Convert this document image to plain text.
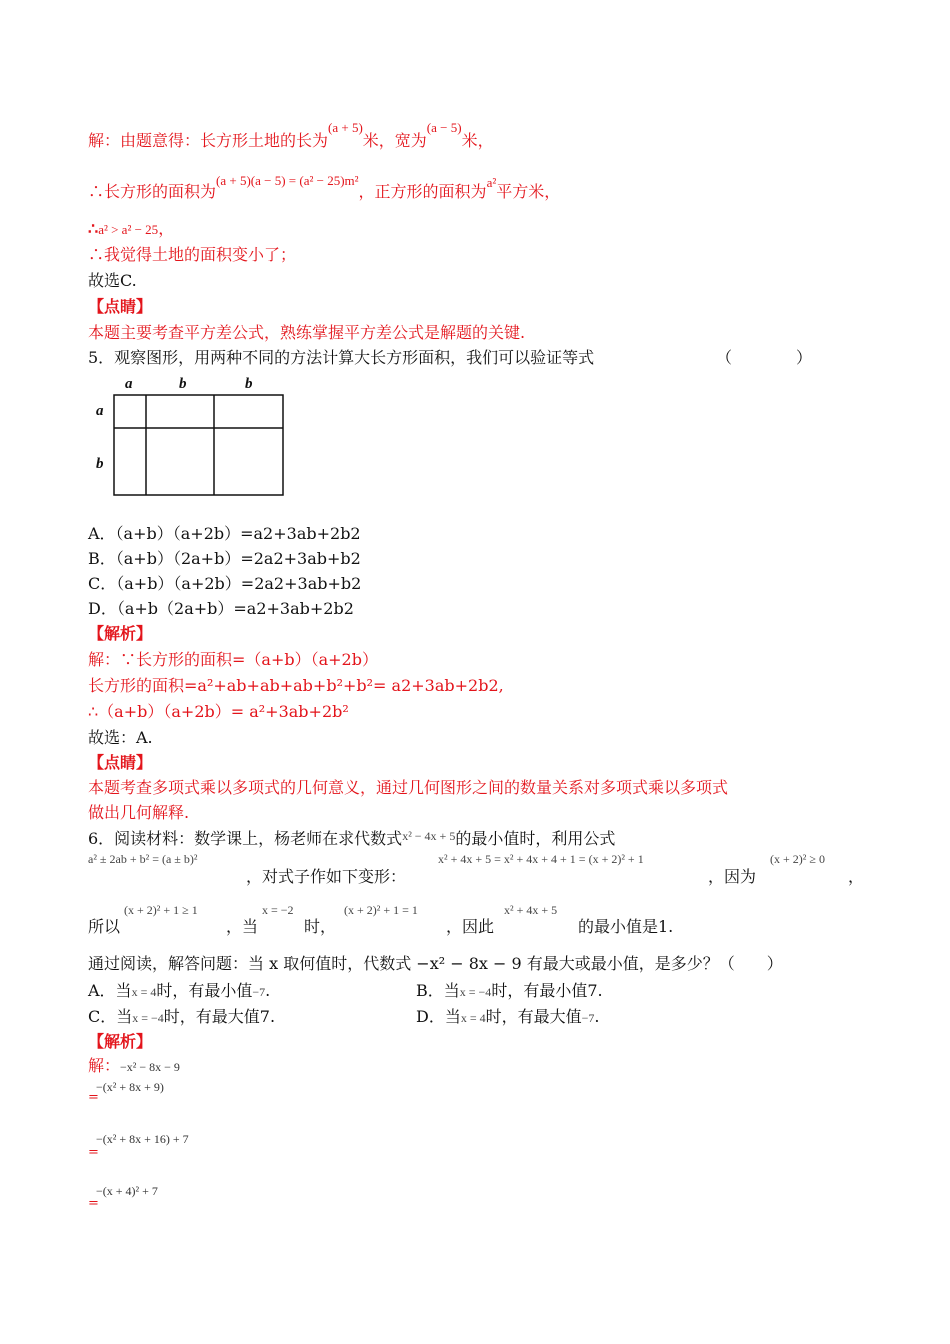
解：由题意得：长方形土地的长为$^{(a + 5)}$米，宽为$^{(a - 5)}$米，
∴长方形的面积为$^{(a + 5)(a - 5) = (a^2 - 25)m^2}$，正方形的面积为$^{a^2}$平方米，
∴a² > a² − 25，
∴我觉得土地的面积变小了；
故选C.
【点睛】
本题主要考查平方差公式，熟练掌握平方差公式是解题的关键.
5．观察图形，用两种不同的方法计算大长方形面积，我们可以验证等式	（　　　　）
a	b	b
a
b
A．（a+b）（a+2b）=a2+3ab+2b2
B．（a+b）（2a+b）=2a2+3ab+b2
C．（a+b）（a+2b）=2a2+3ab+b2
D．（a+b（2a+b）=a2+3ab+2b2
【解析】
解：∵长方形的面积=（a+b）（a+2b）
长方形的面积=a²+ab+ab+ab+b²+b²= a2+3ab+2b2,
∴（a+b）（a+2b）= a²+3ab+2b²
故选：A.
【点睛】
本题考查多项式乘以多项式的几何意义，通过几何图形之间的数量关系对多项式乘以多项式
做出几何解释.
6．阅读材料：数学课上，杨老师在求代数式$^{x^2 - 4x + 5}$的最小值时，利用公式
a² ± 2ab + b² = (a ± b)²
，对式子作如下变形：
x² + 4x + 5 = x² + 4x + 4 + 1 = (x + 2)² + 1
，因为
(x + 2)² ≥ 0
，
所以
(x + 2)² + 1 ≥ 1
，当
x = −2
时，
(x + 2)² + 1 = 1
，因此
x² + 4x + 5
的最小值是1.
通过阅读，解答问题：当 x 取何值时，代数式 −x² − 8x − 9 有最大或最小值，是多少？（　　）
A．当x = 4时，有最小值−7.	B．当x = −4时，有最小值7.
C．当x = −4时，有最大值7.	D．当x = 4时，有最大值−7.
【解析】
解：−x² − 8x − 9
=
−(x² + 8x + 9)
=
−(x² + 8x + 16) + 7
=
−(x + 4)² + 7
